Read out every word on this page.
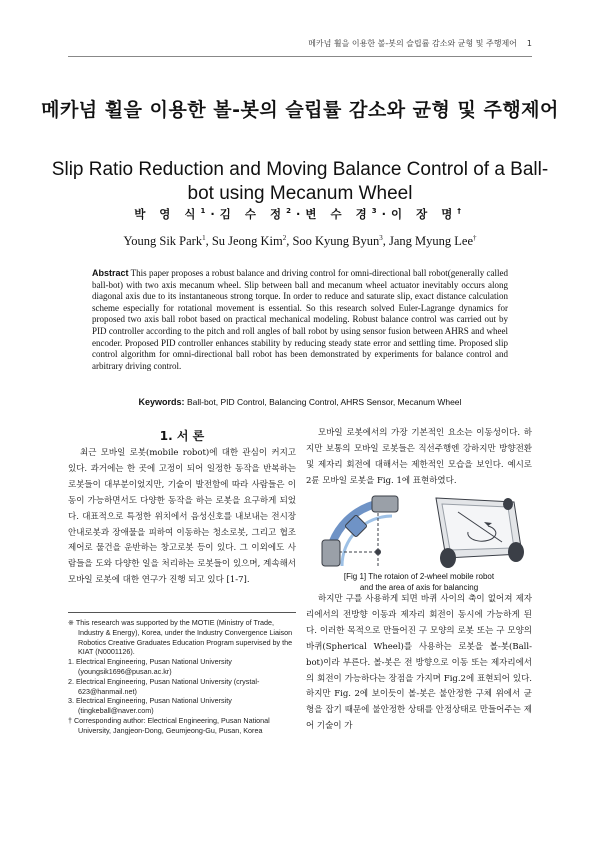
메카넘 휠을 이용한 볼-봇의 슬립률 감소와 균형 및 주행제어 1
메카넘 휠을 이용한 볼-봇의 슬립률 감소와 균형 및 주행제어
Slip Ratio Reduction and Moving Balance Control of a Ball-bot using Mecanum Wheel
박 영 식$^1$·김 수 정$^2$·변 수 경$^3$·이 장 명†
Young Sik Park$^1$, Su Jeong Kim$^2$, Soo Kyung Byun$^3$, Jang Myung Lee†
Abstract This paper proposes a robust balance and driving control for omni-directional ball robot(generally called ball-bot) with two axis mecanum wheel. Slip between ball and mecanum wheel actuator inevitably occurs along diagonal axis due to its instantaneous strong torque. In order to reduce and saturate slip, exact distance calculation scheme especially for rotational movement is essential. So this research solved Euler-Lagrange dynamics for proposed two axis ball robot based on practical mechanical modeling. Robust balance control was carried out by PID controller according to the pitch and roll angles of ball robot by using sensor fusion between AHRS and wheel encoder. Proposed PID controller enhances stability by reducing steady state error and settling time. Proposed slip control algorithm for omni-directional ball robot has been demonstrated by experiments for balance control and arbitrary driving control.
Keywords: Ball-bot, PID Control, Balancing Control, AHRS Sensor, Mecanum Wheel
1. 서 론
최근 모바일 로봇(mobile robot)에 대한 관심이 커지고 있다. 과거에는 한 곳에 고정이 되어 일정한 동작을 반복하는 로봇들이 대부분이었지만, 기술이 발전함에 따라 사람들은 이동이 가능하면서도 다양한 동작을 하는 로봇을 요구하게 되었다. 대표적으로 특정한 위치에서 음성신호를 내보내는 전시장 안내로봇과 장애물을 피하여 이동하는 청소로봇, 그리고 협조제어로 물건을 운반하는 창고로봇 등이 있다. 그 이외에도 사람들을 도와 다양한 일을 처리하는 로봇들이 있으며, 계속해서 모바일 로봇에 대한 연구가 진행 되고 있다 [1-7].
※ This research was supported by the MOTIE (Ministry of Trade, Industry & Energy), Korea, under the Industry Convergence Liaison Robotics Creative Graduates Education Program supervised by the KIAT (N0001126).
1. Electrical Engineering, Pusan National University (youngsik1696@pusan.ac.kr)
2. Electrical Engineering, Pusan National University (crystal-623@hanmail.net)
3. Electrical Engineering, Pusan National University (tingkeball@naver.com)
† Corresponding author: Electrical Engineering, Pusan National University, Jangjeon-Dong, Geumjeong-Gu, Pusan, Korea
모바일 로봇에서의 가장 기본적인 요소는 이동성이다. 하지만 보통의 모바일 로봇들은 직선주행엔 강하지만 방향전환 및 제자리 회전에 대해서는 제한적인 모습을 보인다. 예시로 2륜 모바일 로봇을 Fig. 1에 표현하였다.
[Fig 1] The rotaion of 2-wheel mobile robot
and the area of axis for balancing
하지만 구를 사용하게 되면 바퀴 사이의 축이 없어져 제자리에서의 전방향 이동과 제자리 회전이 동시에 가능하게 된다. 이러한 목적으로 만들어진 구 모양의 로봇 또는 구 모양의 바퀴(Spherical Wheel)를 사용하는 로봇을 볼-봇(Ball-bot)이라 부른다. 볼-봇은 전 방향으로 이동 또는 제자리에서의 회전이 가능하다는 장점을 가지며 Fig.2에 표현되어 있다. 하지만 Fig. 2에 보이듯이 볼-봇은 불안정한 구체 위에서 균형을 잡기 때문에 불안정한 상태를 안정상태로 만들어주는 제어 기술이 가
